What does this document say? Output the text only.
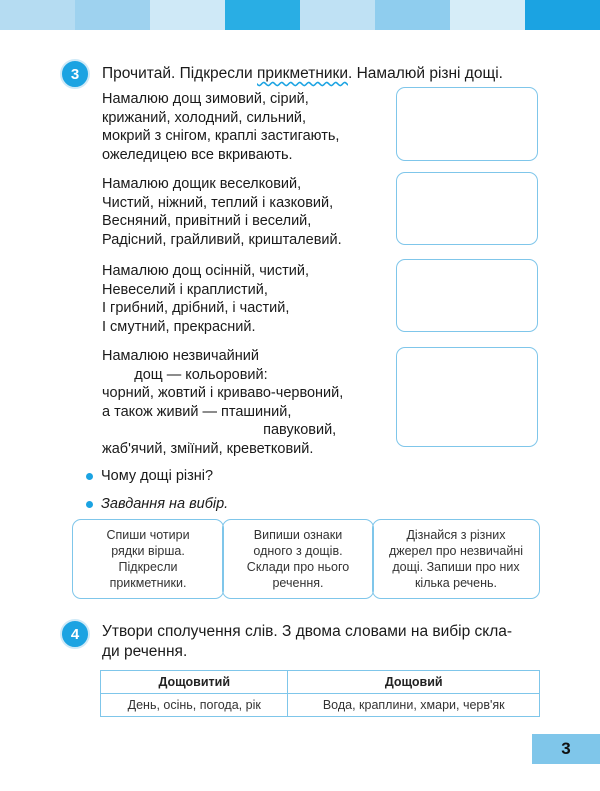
3	Прочитай. Підкресли прикметники. Намалюй різні дощі.
Намалюю дощ зимовий, сірий,
крижаний, холодний, сильний,
мокрий з снігом, краплі застигають,
ожеледицею все вкривають.
Намалюю дощик веселковий,
Чистий, ніжний, теплий і казковий,
Весняний, привітний і веселий,
Радісний, грайливий, кришталевий.
Намалюю дощ осінній, чистий,
Невеселий і краплистий,
І грибний, дрібний, і частий,
І смутний, прекрасний.
Намалюю незвичайний
дощ — кольоровий:
чорний, жовтий і криваво-червоний,
а також живий — пташиний,
павуковий,
жаб'ячий, зміїний, креветковий.
Чому дощі різні?
Завдання на вибір.
Спиши чотири
рядки вірша.
Підкресли
прикметники.
Випиши ознаки
одного з дощів.
Склади про нього
речення.
Дізнайся з різних
джерел про незвичайні
дощі. Запиши про них
кілька речень.
4	Утвори сполучення слів. З двома словами на вибір скла-
ди речення.
Дощовитий	Дощовий
День, осінь, погода, рік	Вода, краплини, хмари, черв'як
3
